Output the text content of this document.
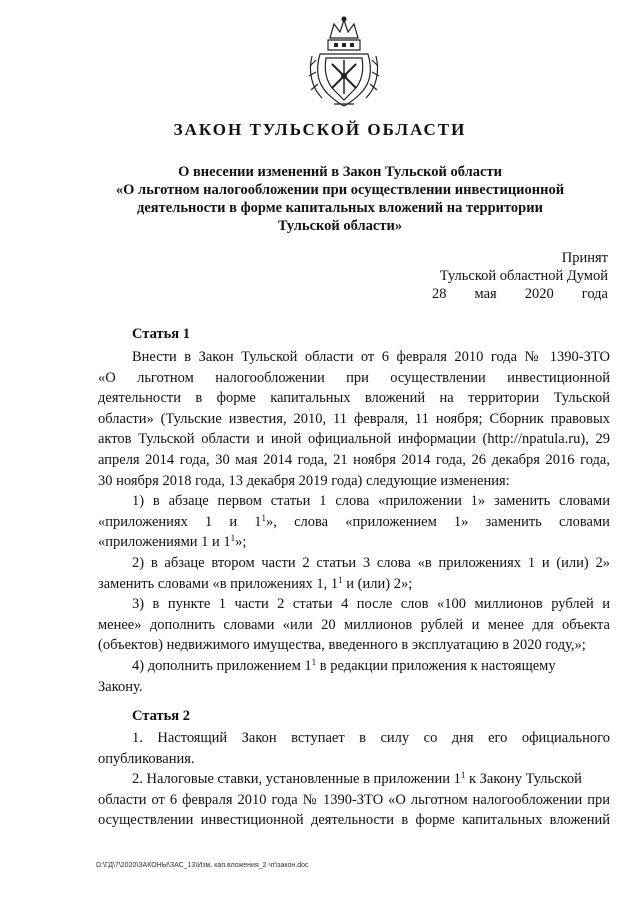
ЗАКОН ТУЛЬСКОЙ ОБЛАСТИ
О внесении изменений в Закон Тульской области
«О льготном налогообложении при осуществлении инвестиционной
деятельности в форме капитальных вложений на территории
Тульской области»
Принят
Тульской областной Думой
28 мая 2020 года
Статья 1
Внести в Закон Тульской области от 6 февраля 2010 года № 1390-ЗТО
«О льготном налогообложении при осуществлении инвестиционной
деятельности в форме капитальных вложений на территории Тульской
области» (Тульские известия, 2010, 11 февраля, 11 ноября; Сборник правовых
актов Тульской области и иной официальной информации (http://npatula.ru), 29
апреля 2014 года, 30 мая 2014 года, 21 ноября 2014 года, 26 декабря 2016 года,
30 ноября 2018 года, 13 декабря 2019 года) следующие изменения:
1) в абзаце первом статьи 1 слова «приложении 1» заменить словами
«приложениях 1 и $1^1$», слова «приложением 1» заменить словами
«приложениями 1 и $1^1$»;
2) в абзаце втором части 2 статьи 3 слова «в приложениях 1 и (или) 2»
заменить словами «в приложениях 1, $1^1$ и (или) 2»;
3) в пункте 1 части 2 статьи 4 после слов «100 миллионов рублей и
менее» дополнить словами «или 20 миллионов рублей и менее для объекта
(объектов) недвижимого имущества, введенного в эксплуатацию в 2020 году,»;
4) дополнить приложением $1^1$ в редакции приложения к настоящему
Закону.
Статья 2
1. Настоящий Закон вступает в силу со дня его официального
опубликования.
2. Налоговые ставки, установленные в приложении $1^1$ к Закону Тульской
области от 6 февраля 2010 года № 1390-ЗТО «О льготном налогообложении при
осуществлении инвестиционной деятельности в форме капитальных вложений
D:\ГД\7\2020\ЗАКОНЫ\ЗАС_13\Изм. кап.вложения_2 чт\закон.doc
